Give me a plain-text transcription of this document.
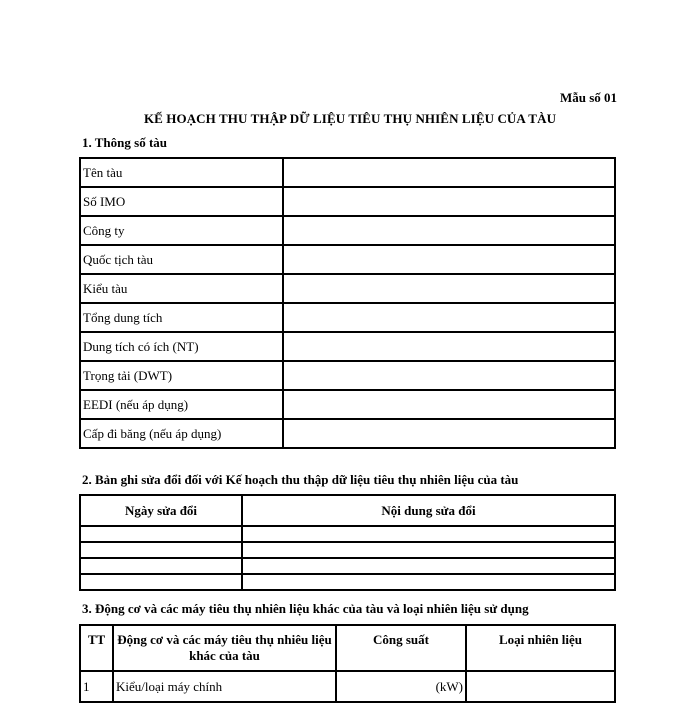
Mẫu số 01
KẾ HOẠCH THU THẬP DỮ LIỆU TIÊU THỤ NHIÊN LIỆU CỦA TÀU
1. Thông số tàu
Tên tàu	
Số IMO	
Công ty	
Quốc tịch tàu	
Kiểu tàu	
Tổng dung tích	
Dung tích có ích (NT)	
Trọng tải (DWT)	
EEDI (nếu áp dụng)	
Cấp đi băng (nếu áp dụng)	
2. Bản ghi sửa đổi đối với Kế hoạch thu thập dữ liệu tiêu thụ nhiên liệu của tàu
Ngày sửa đổi	Nội dung sửa đổi

3. Động cơ và các máy tiêu thụ nhiên liệu khác của tàu và loại nhiên liệu sử dụng
TT	Động cơ và các máy tiêu thụ nhiêu liệu khác của tàu	Công suất	Loại nhiên liệu
1	Kiểu/loại máy chính	(kW)	
